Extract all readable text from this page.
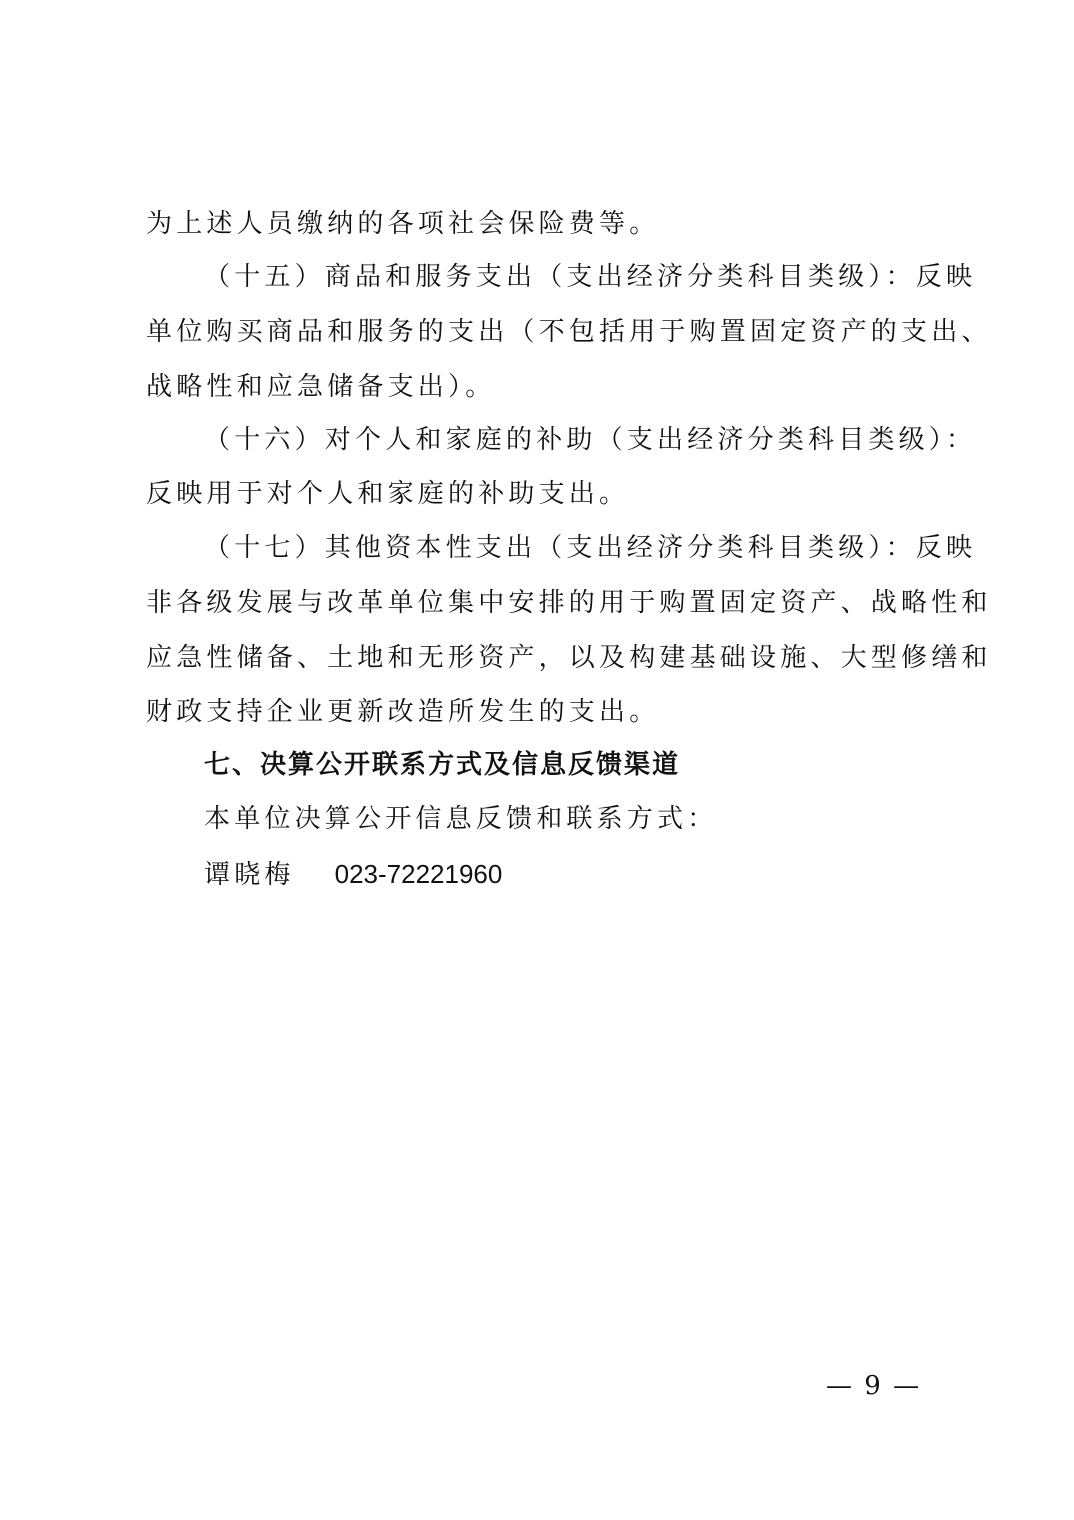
为上述人员缴纳的各项社会保险费等。
（十五）商品和服务支出（支出经济分类科目类级）：反映
单位购买商品和服务的支出（不包括用于购置固定资产的支出、
战略性和应急储备支出）。
（十六）对个人和家庭的补助（支出经济分类科目类级）：
反映用于对个人和家庭的补助支出。
（十七）其他资本性支出（支出经济分类科目类级）：反映
非各级发展与改革单位集中安排的用于购置固定资产、战略性和
应急性储备、土地和无形资产，以及构建基础设施、大型修缮和
财政支持企业更新改造所发生的支出。
七、决算公开联系方式及信息反馈渠道
本单位决算公开信息反馈和联系方式：
谭晓梅 023-72221960
— 9 —
